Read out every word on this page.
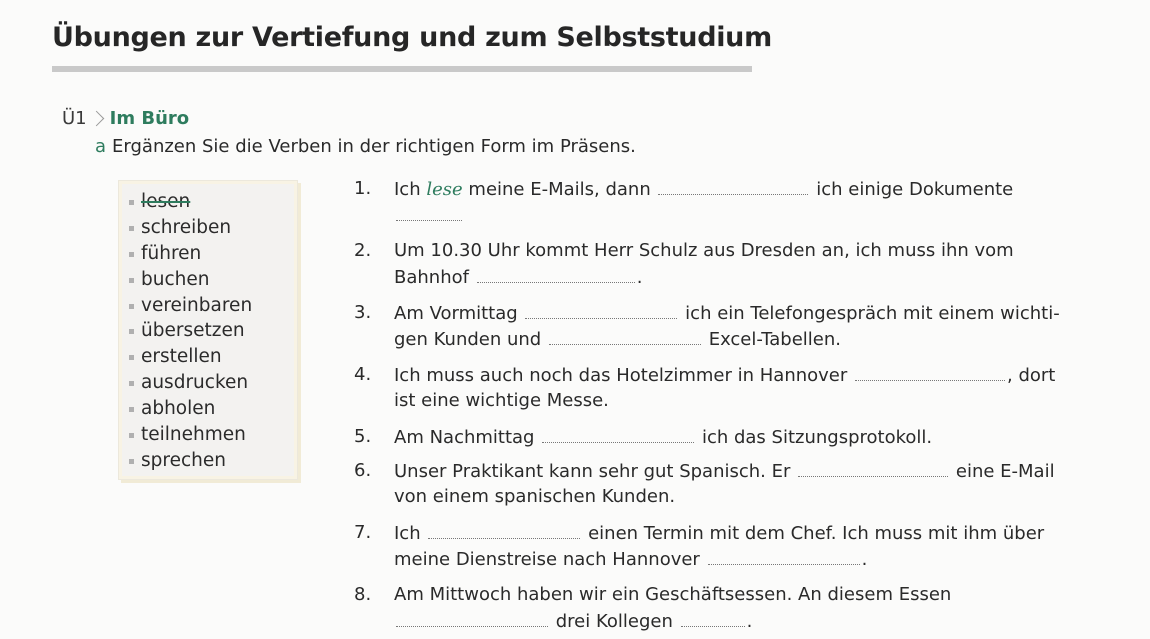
Übungen zur Vertiefung und zum Selbststudium
Ü1 Im Büro
a Ergänzen Sie die Verben in der richtigen Form im Präsens.
lesen
schreiben
führen
buchen
vereinbaren
übersetzen
erstellen
ausdrucken
abholen
teilnehmen
sprechen
1. Ich lese meine E-Mails, dann	ich einige Dokumente
2. Um 10.30 Uhr kommt Herr Schulz aus Dresden an, ich muss ihn vom
Bahnhof	.
3. Am Vormittag	ich ein Telefongespräch mit einem wichti-
gen Kunden und	Excel-Tabellen.
4. Ich muss auch noch das Hotelzimmer in Hannover	, dort
ist eine wichtige Messe.
5. Am Nachmittag	ich das Sitzungsprotokoll.
6. Unser Praktikant kann sehr gut Spanisch. Er	eine E-Mail
von einem spanischen Kunden.
7. Ich	einen Termin mit dem Chef. Ich muss mit ihm über
meine Dienstreise nach Hannover	.
8. Am Mittwoch haben wir ein Geschäftsessen. An diesem Essen
drei Kollegen	.
